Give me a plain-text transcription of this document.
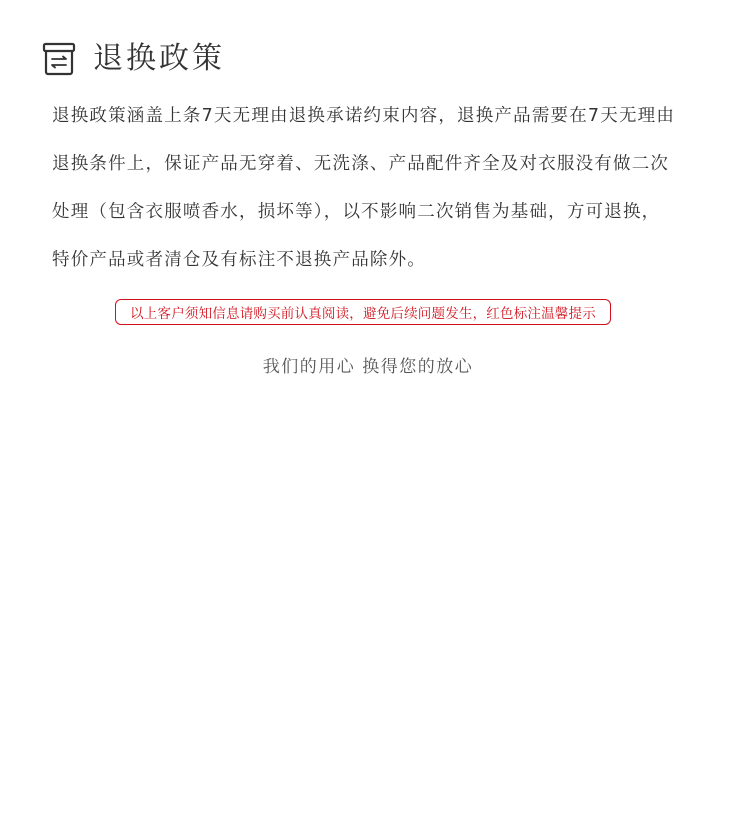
退换政策
退换政策涵盖上条7天无理由退换承诺约束内容，退换产品需要在7天无理由
退换条件上，保证产品无穿着、无洗涤、产品配件齐全及对衣服没有做二次
处理（包含衣服喷香水，损坏等），以不影响二次销售为基础，方可退换，
特价产品或者清仓及有标注不退换产品除外。
以上客户须知信息请购买前认真阅读，避免后续问题发生，红色标注温馨提示
我们的用心 换得您的放心
